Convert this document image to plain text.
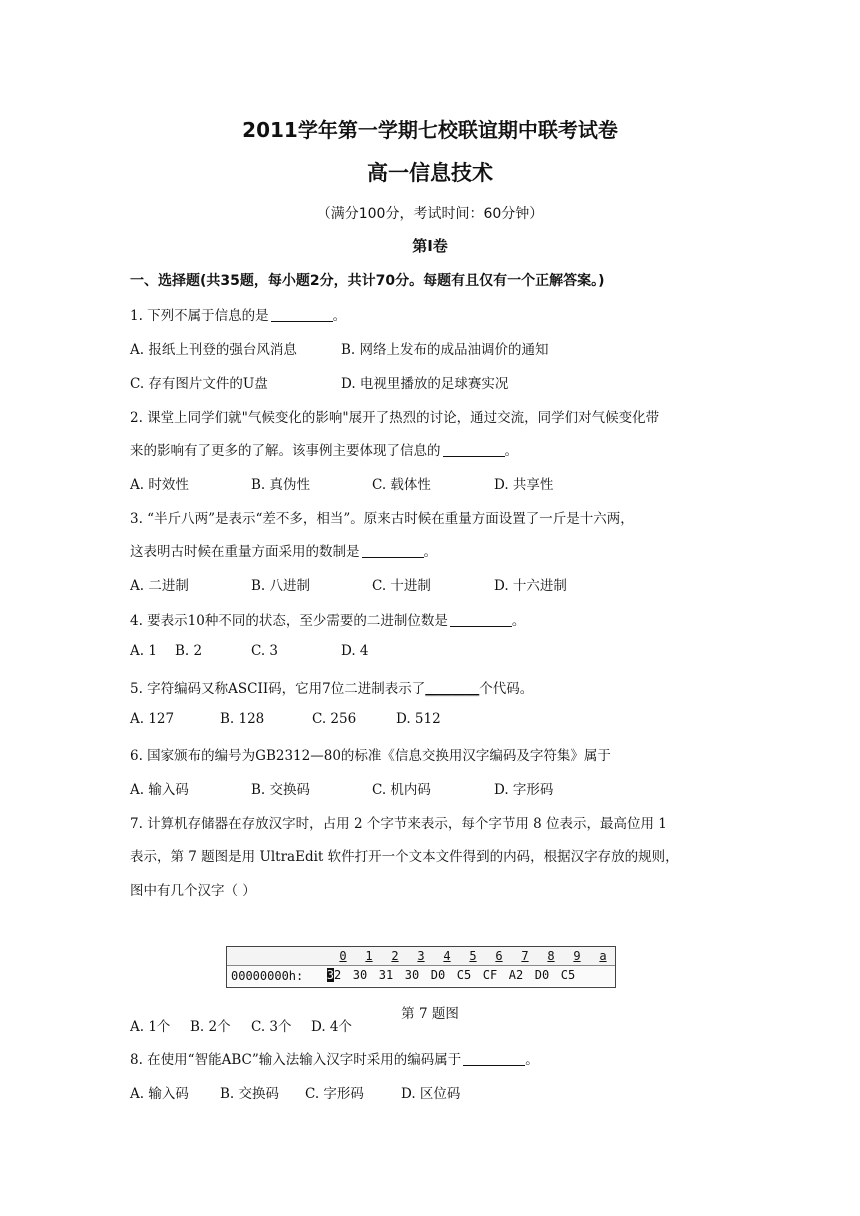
2011学年第一学期七校联谊期中联考试卷
高一信息技术
（满分100分，考试时间：60分钟）
第Ⅰ卷
一、选择题(共35题，每小题2分，共计70分。每题有且仅有一个正解答案。)
1. 下列不属于信息的是	。
A. 报纸上刊登的强台风消息	B. 网络上发布的成品油调价的通知
C. 存有图片文件的U盘	D. 电视里播放的足球赛实况
2. 课堂上同学们就"气候变化的影响"展开了热烈的讨论，通过交流，同学们对气候变化带
来的影响有了更多的了解。该事例主要体现了信息的	。
A. 时效性	B. 真伪性	C. 载体性	D. 共享性
3. “半斤八两”是表示“差不多，相当”。原来古时候在重量方面设置了一斤是十六两，
这表明古时候在重量方面采用的数制是	。
A. 二进制	B. 八进制	C. 十进制	D. 十六进制
4. 要表示10种不同的状态，至少需要的二进制位数是	。
A. 1 B. 2	C. 3	D. 4
5. 字符编码又称ASCII码，它用7位二进制表示了________个代码。
A. 127	B. 128	C. 256	D. 512
6. 国家颁布的编号为GB2312—80的标准《信息交换用汉字编码及字符集》属于
A. 输入码	B. 交换码	C. 机内码	D. 字形码
7. 计算机存储器在存放汉字时，占用 2 个字节来表示，每个字节用 8 位表示，最高位用 1
表示，第 7 题图是用 UltraEdit 软件打开一个文本文件得到的内码，根据汉字存放的规则，
图中有几个汉字（ ）
0	1	2	3	4	5	6	7	8	9	a
00000000h:	32 30 31 30 D0 C5 CF A2 D0 C5
第 7 题图
A. 1个 B. 2个 C. 3个 D. 4个
8. 在使用“智能ABC”输入法输入汉字时采用的编码属于	。
A. 输入码 B. 交换码 C. 字形码	D. 区位码
